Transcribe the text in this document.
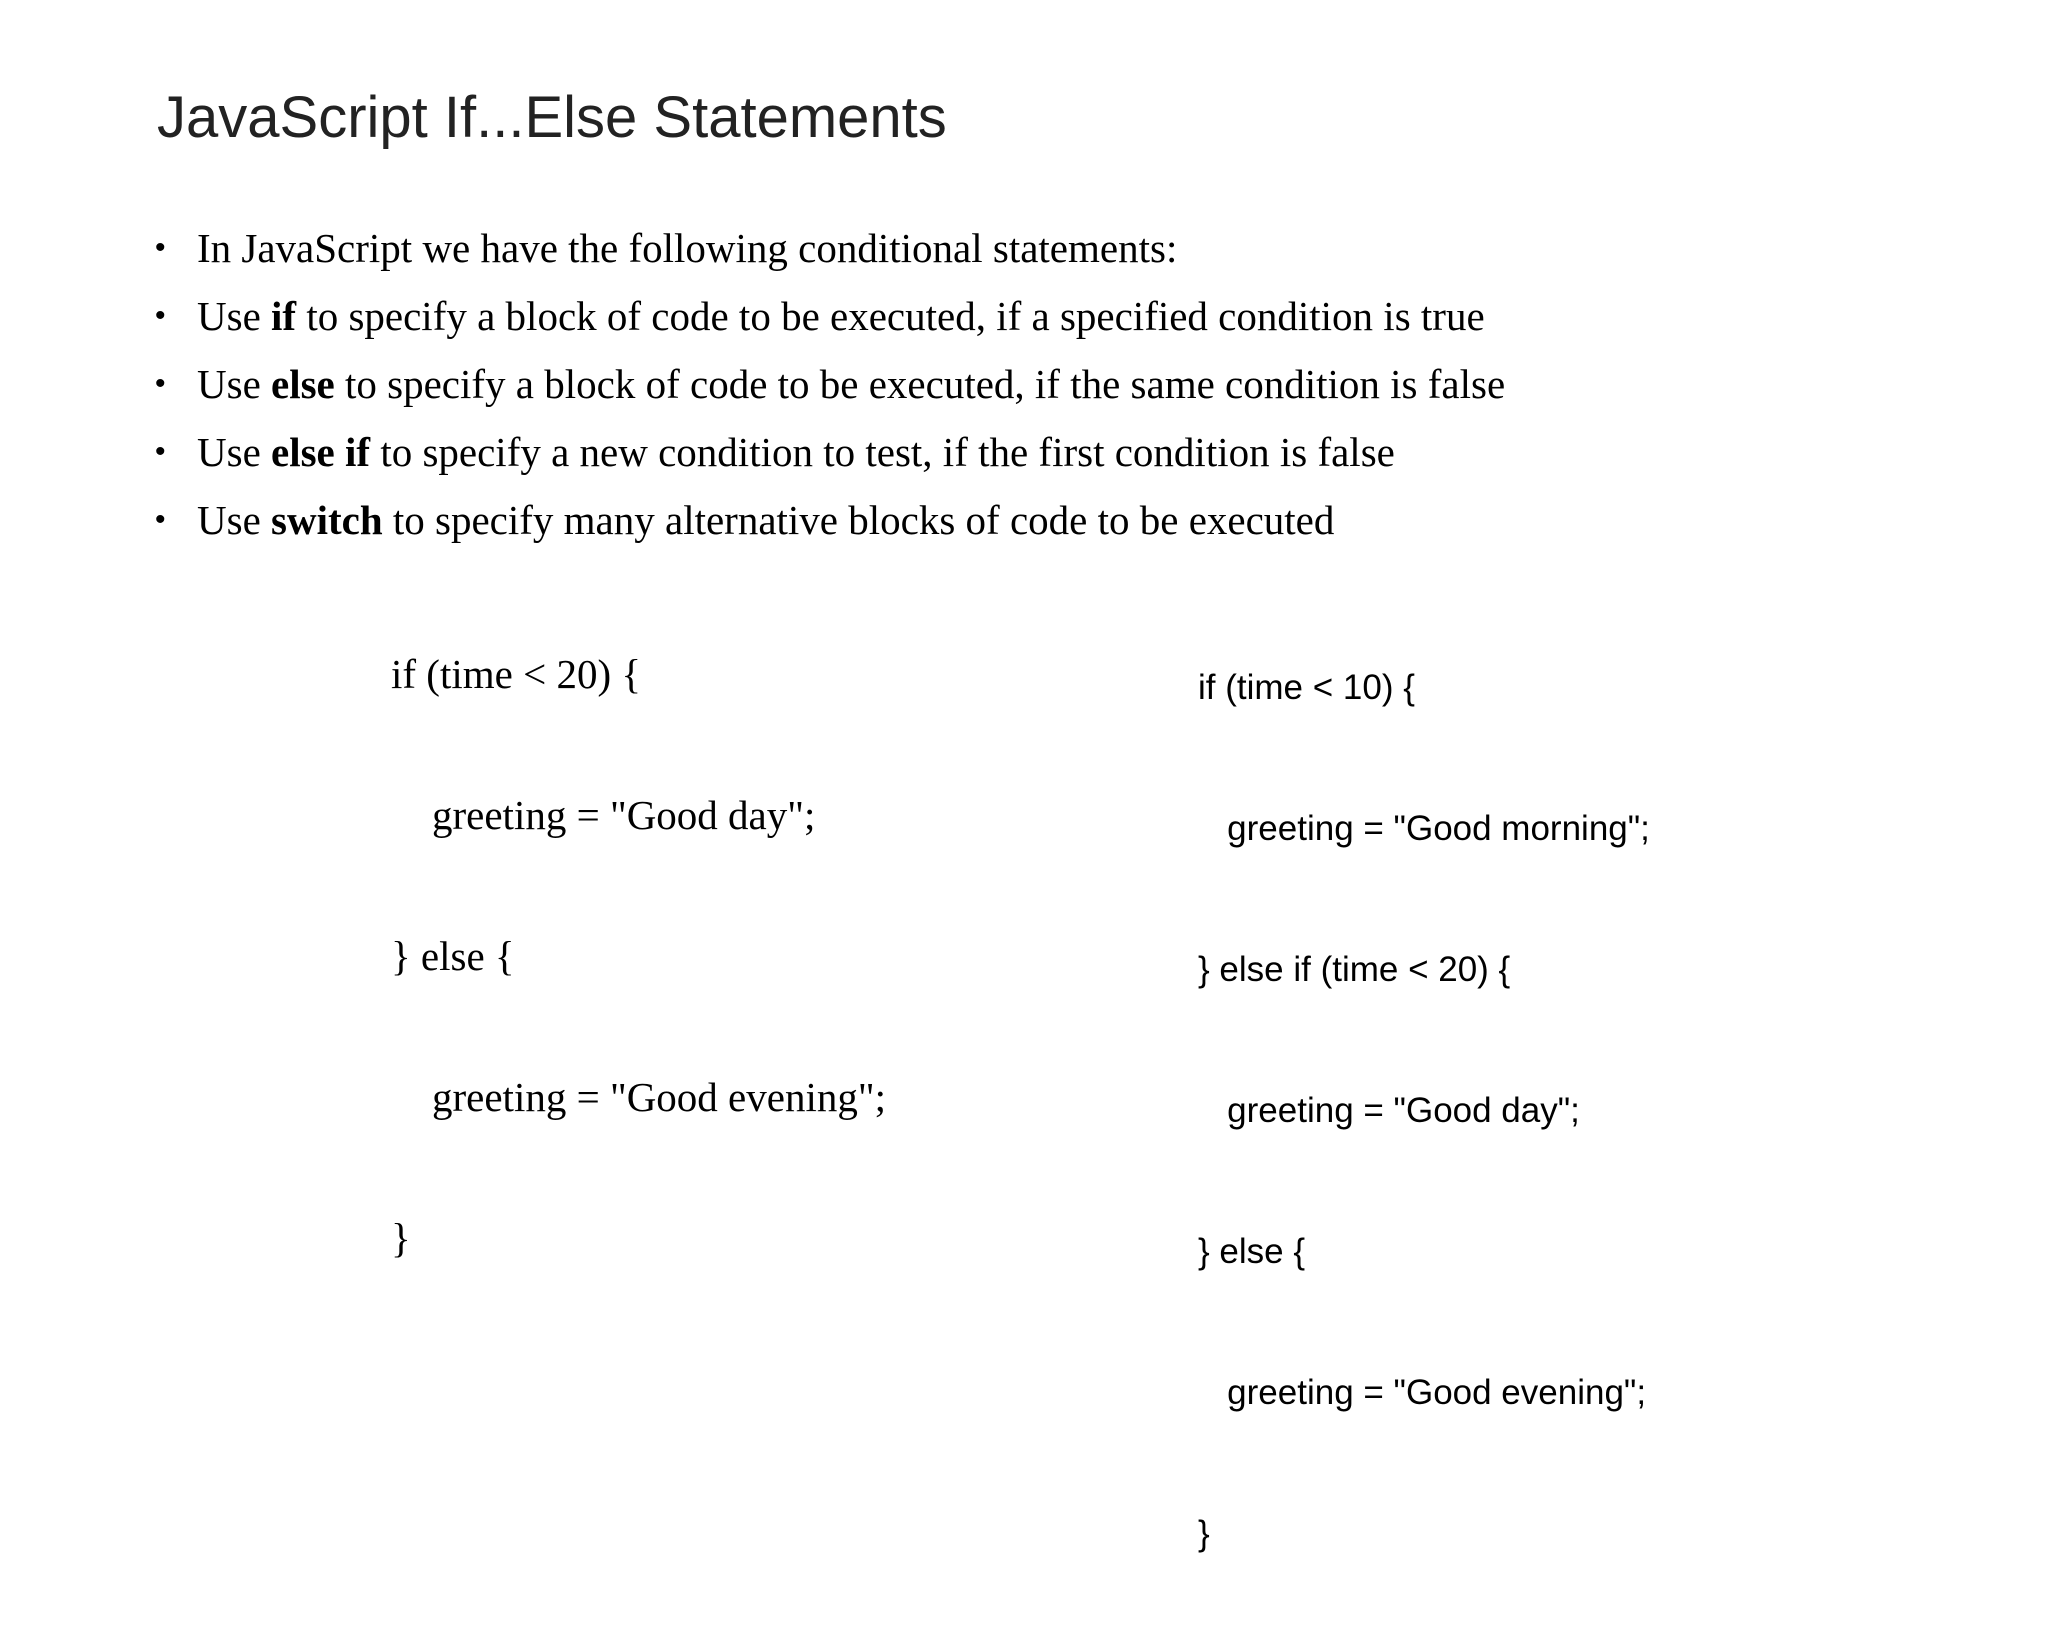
JavaScript If...Else Statements
• In JavaScript we have the following conditional statements:
• Use if to specify a block of code to be executed, if a specified condition is true
• Use else to specify a block of code to be executed, if the same condition is false
• Use else if to specify a new condition to test, if the first condition is false
• Use switch to specify many alternative blocks of code to be executed

if (time < 20) {

greeting = "Good day";

} else {

greeting = "Good evening";

}

if (time < 10) {

greeting = "Good morning";

} else if (time < 20) {

greeting = "Good day";

} else {

greeting = "Good evening";

}
